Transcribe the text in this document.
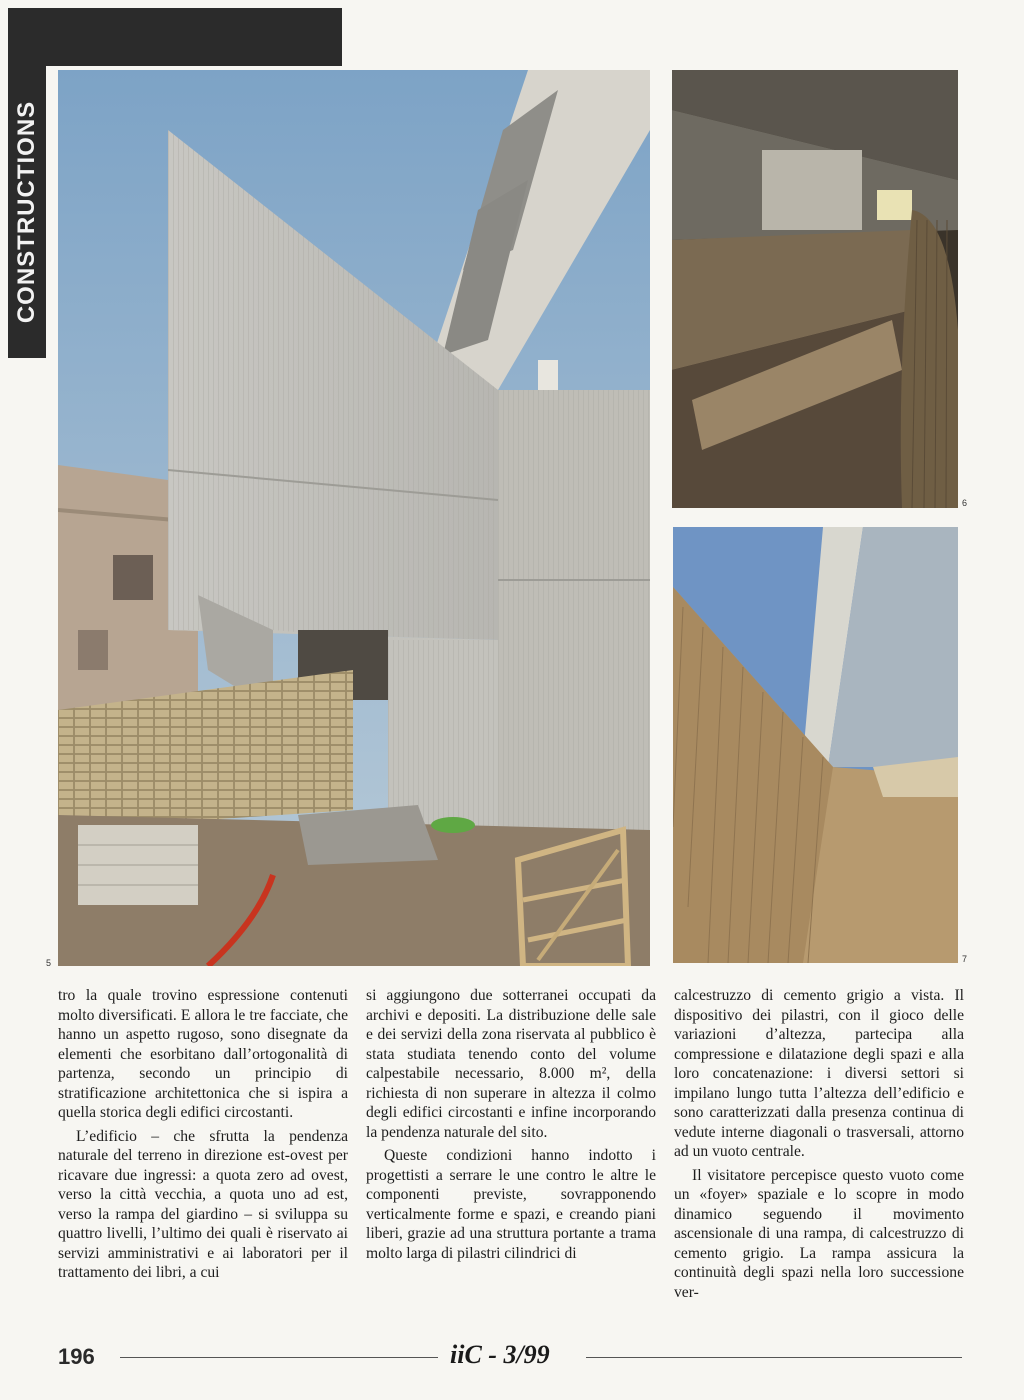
CONSTRUCTIONS
5
6
7

tro la quale trovino espressione contenuti molto diversificati. E allora le tre facciate, che hanno un aspetto rugoso, sono disegnate da elementi che esorbitano dall’ortogonalità di partenza, secondo un principio di stratificazione architettonica che si ispira a quella storica degli edifici circostanti.

L’edificio – che sfrutta la pendenza naturale del terreno in direzione est-ovest per ricavare due ingressi: a quota zero ad ovest, verso la città vecchia, a quota uno ad est, verso la rampa del giardino – si sviluppa su quattro livelli, l’ultimo dei quali è riservato ai servizi amministrativi e ai laboratori per il trattamento dei libri, a cui

si aggiungono due sotterranei occupati da archivi e depositi. La distribuzione delle sale e dei servizi della zona riservata al pubblico è stata studiata tenendo conto del volume calpestabile necessario, 8.000 m², della richiesta di non superare in altezza il colmo degli edifici circostanti e infine incorporando la pendenza naturale del sito.

Queste condizioni hanno indotto i progettisti a serrare le une contro le altre le componenti previste, sovrapponendo verticalmente forme e spazi, e creando piani liberi, grazie ad una struttura portante a trama molto larga di pilastri cilindrici di

calcestruzzo di cemento grigio a vista. Il dispositivo dei pilastri, con il gioco delle variazioni d’altezza, partecipa alla compressione e dilatazione degli spazi e alla loro concatenazione: i diversi settori si impilano lungo tutta l’altezza dell’edificio e sono caratterizzati dalla presenza continua di vedute interne diagonali o trasversali, attorno ad un vuoto centrale.

Il visitatore percepisce questo vuoto come un «foyer» spaziale e lo scopre in modo dinamico seguendo il movimento ascensionale di una rampa, di calcestruzzo di cemento grigio. La rampa assicura la continuità degli spazi nella loro successione ver-

196	iiC - 3/99
